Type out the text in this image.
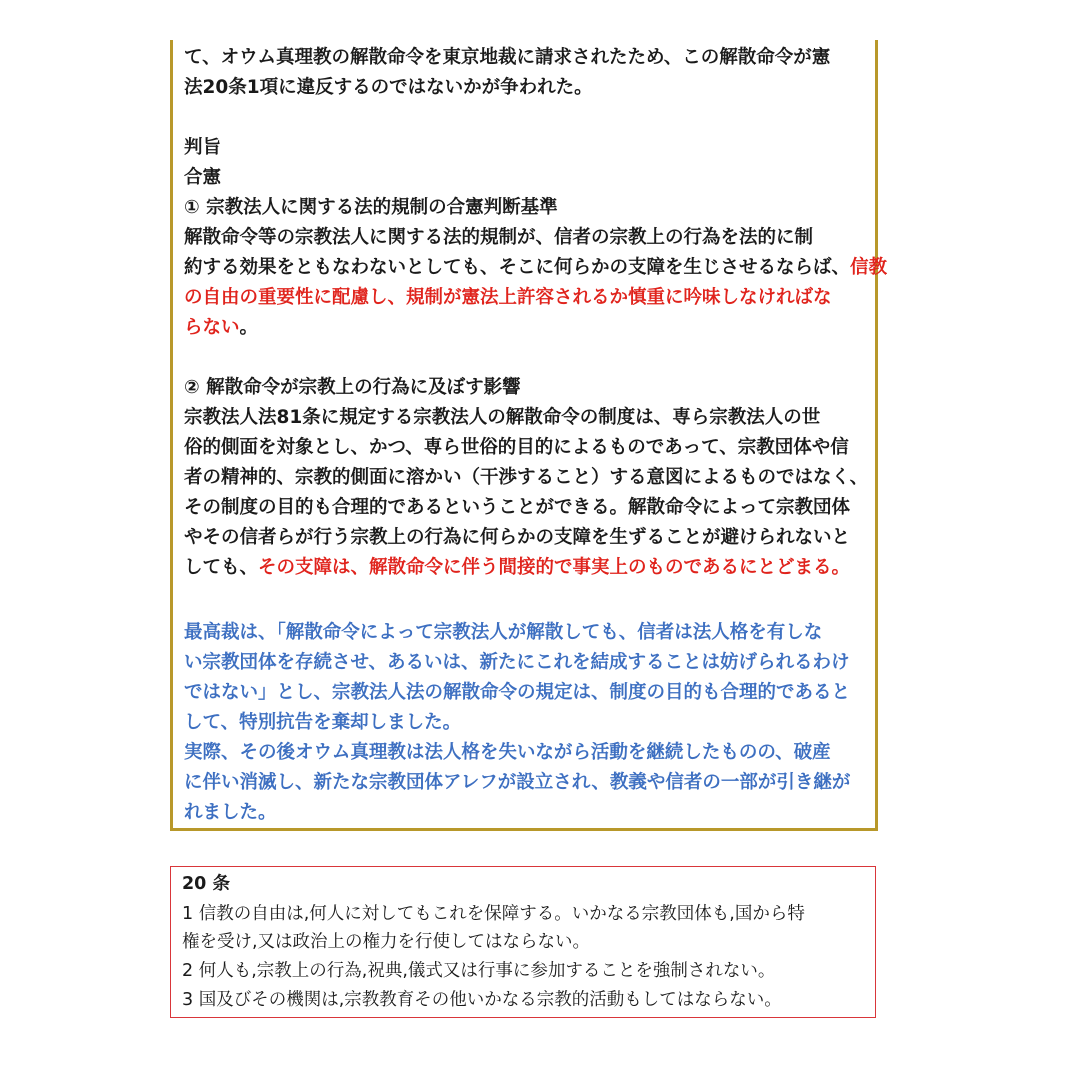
て、オウム真理教の解散命令を東京地裁に請求されたため、この解散命令が憲
法20条1項に違反するのではないかが争われた。
判旨
合憲
① 宗教法人に関する法的規制の合憲判断基準
解散命令等の宗教法人に関する法的規制が、信者の宗教上の行為を法的に制
約する効果をともなわないとしても、そこに何らかの支障を生じさせるならば、信教
の自由の重要性に配慮し、規制が憲法上許容されるか慎重に吟味しなければな
らない。
② 解散命令が宗教上の行為に及ぼす影響
宗教法人法81条に規定する宗教法人の解散命令の制度は、専ら宗教法人の世
俗的側面を対象とし、かつ、専ら世俗的目的によるものであって、宗教団体や信
者の精神的、宗教的側面に溶かい（干渉すること）する意図によるものではなく、
その制度の目的も合理的であるということができる。解散命令によって宗教団体
やその信者らが行う宗教上の行為に何らかの支障を生ずることが避けられないと
しても、その支障は、解散命令に伴う間接的で事実上のものであるにとどまる。
最高裁は、「解散命令によって宗教法人が解散しても、信者は法人格を有しな
い宗教団体を存続させ、あるいは、新たにこれを結成することは妨げられるわけ
ではない」とし、宗教法人法の解散命令の規定は、制度の目的も合理的であると
して、特別抗告を棄却しました。
実際、その後オウム真理教は法人格を失いながら活動を継続したものの、破産
に伴い消滅し、新たな宗教団体アレフが設立され、教義や信者の一部が引き継が
れました。
20 条
1 信教の自由は,何人に対してもこれを保障する。いかなる宗教団体も,国から特
権を受け,又は政治上の権力を行使してはならない。
2 何人も,宗教上の行為,祝典,儀式又は行事に参加することを強制されない。
3 国及びその機関は,宗教教育その他いかなる宗教的活動もしてはならない。
